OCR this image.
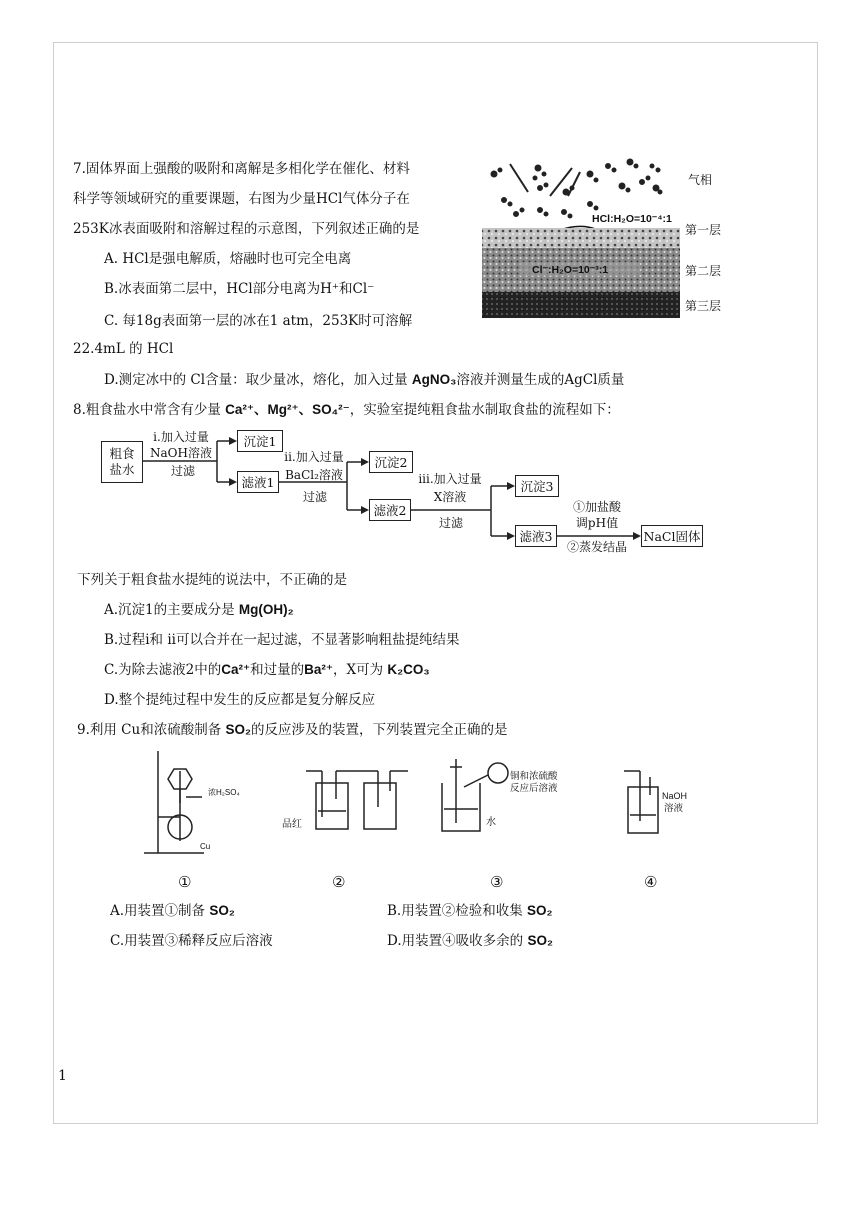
7.固体界面上强酸的吸附和离解是多相化学在催化、材料
科学等领域研究的重要课题，右图为少量HCl气体分子在
253K冰表面吸附和溶解过程的示意图，下列叙述正确的是
A. HCl是强电解质，熔融时也可完全电离
B.冰表面第二层中，HCl部分电离为H⁺和Cl⁻
C. 每18g表面第一层的冰在1 atm，253K时可溶解
22.4mL 的 HCl
D.测定冰中的 Cl含量：取少量冰，熔化，加入过量 AgNO₃溶液并测量生成的AgCl质量
气相
HCl:H₂O=10⁻⁴:1
Cl⁻:H₂O=10⁻³:1
第一层
第二层
第三层
8.粗食盐水中常含有少量 Ca²⁺、Mg²⁺、SO₄²⁻，实验室提纯粗食盐水制取食盐的流程如下：
粗食盐水
i.加入过量
NaOH溶液
过滤
沉淀1
滤液1
ii.加入过量
BaCl₂溶液
过滤
沉淀2
滤液2
iii.加入过量
X溶液
过滤
沉淀3
滤液3
①加盐酸
调pH值
②蒸发结晶
NaCl固体
下列关于粗食盐水提纯的说法中，不正确的是
A.沉淀1的主要成分是 Mg(OH)₂
B.过程i和 ii可以合并在一起过滤，不显著影响粗盐提纯结果
C.为除去滤液2中的Ca²⁺和过量的Ba²⁺，X可为 K₂CO₃
D.整个提纯过程中发生的反应都是复分解反应
9.利用 Cu和浓硫酸制备 SO₂的反应涉及的装置，下列装置完全正确的是
浓H₂SO₄
Cu
品红
铜和浓硫酸
反应后溶液
水
NaOH
溶液
①	②	③	④
A.用装置①制备 SO₂	B.用装置②检验和收集 SO₂
C.用装置③稀释反应后溶液	D.用装置④吸收多余的 SO₂
1
